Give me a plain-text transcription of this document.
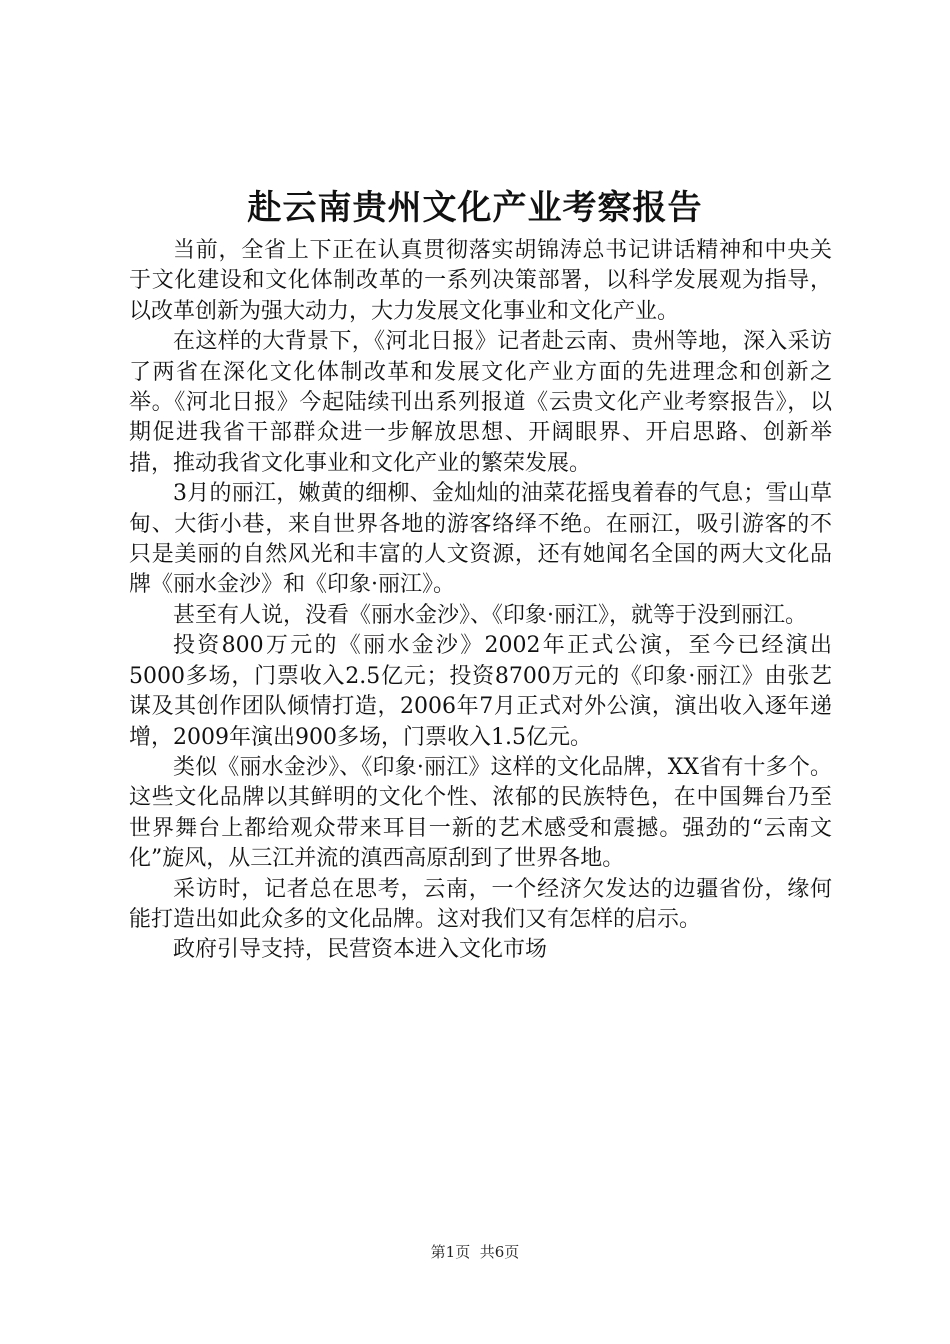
赴云南贵州文化产业考察报告

当前，全省上下正在认真贯彻落实胡锦涛总书记讲话精神和中央关于文化建设和文化体制改革的一系列决策部署，以科学发展观为指导，以改革创新为强大动力，大力发展文化事业和文化产业。

在这样的大背景下，《河北日报》记者赴云南、贵州等地，深入采访了两省在深化文化体制改革和发展文化产业方面的先进理念和创新之举。《河北日报》今起陆续刊出系列报道《云贵文化产业考察报告》，以期促进我省干部群众进一步解放思想、开阔眼界、开启思路、创新举措，推动我省文化事业和文化产业的繁荣发展。

3月的丽江，嫩黄的细柳、金灿灿的油菜花摇曳着春的气息；雪山草甸、大街小巷，来自世界各地的游客络绎不绝。在丽江，吸引游客的不只是美丽的自然风光和丰富的人文资源，还有她闻名全国的两大文化品牌《丽水金沙》和《印象·丽江》。

甚至有人说，没看《丽水金沙》、《印象·丽江》，就等于没到丽江。

投资800万元的《丽水金沙》2002年正式公演，至今已经演出5000多场，门票收入2.5亿元；投资8700万元的《印象·丽江》由张艺谋及其创作团队倾情打造，2006年7月正式对外公演，演出收入逐年递增，2009年演出900多场，门票收入1.5亿元。

类似《丽水金沙》、《印象·丽江》这样的文化品牌，XX省有十多个。这些文化品牌以其鲜明的文化个性、浓郁的民族特色，在中国舞台乃至世界舞台上都给观众带来耳目一新的艺术感受和震撼。强劲的“云南文化”旋风，从三江并流的滇西高原刮到了世界各地。

采访时，记者总在思考，云南，一个经济欠发达的边疆省份，缘何能打造出如此众多的文化品牌。这对我们又有怎样的启示。

政府引导支持，民营资本进入文化市场

第1页 共6页
